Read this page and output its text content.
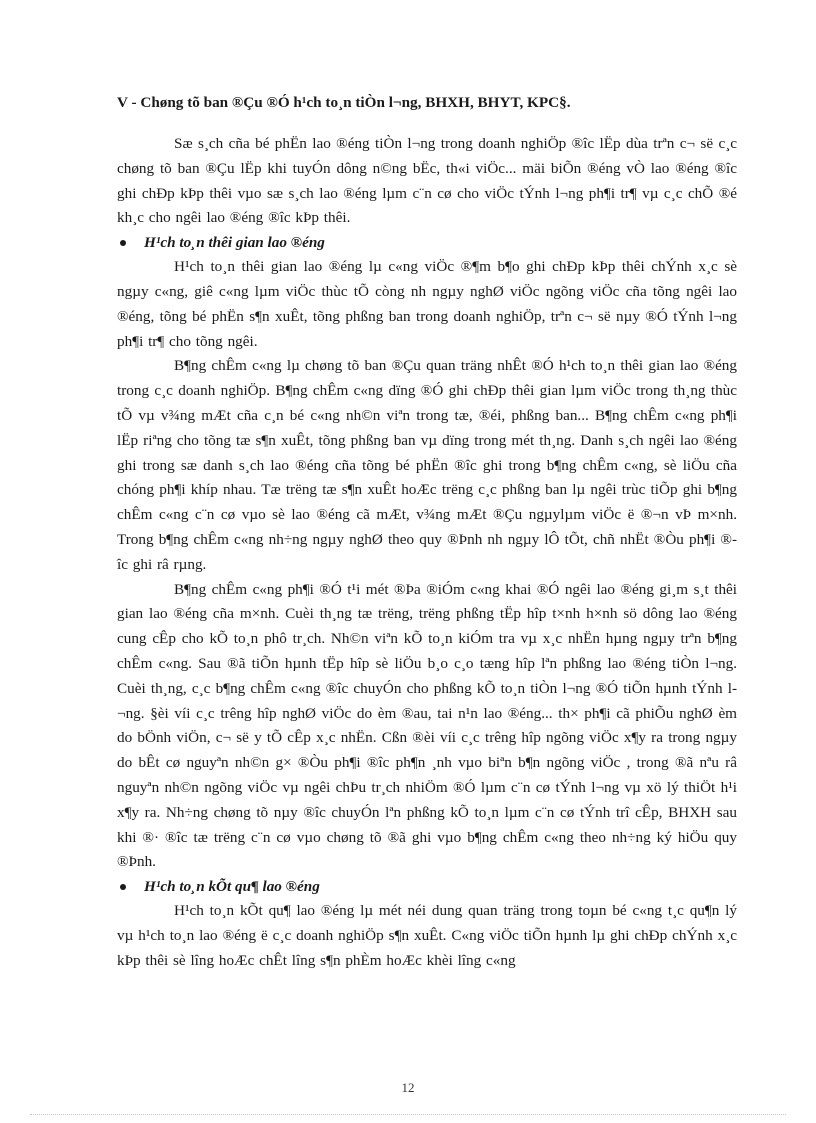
V - Chøng tõ ban ®Çu ®Ó h¹ch to¸n tiÒn l¬ng, BHXH, BHYT, KPC§.

Sæ s¸ch cña bé phËn lao ®éng tiÒn l¬ng trong doanh nghiÖp ®îc lËp dùa trªn c¬ së c¸c chøng tõ ban ®Çu lËp khi tuyÓn dông n©ng bËc, th«i viÖc... mäi biÕn ®éng vÒ lao ®éng ®îc ghi chÐp kÞp thêi vµo sæ s¸ch lao ®éng lµm c¨n cø cho viÖc tÝnh l¬ng ph¶i tr¶ vµ c¸c chÕ ®é kh¸c cho ngêi lao ®éng ®îc kÞp thêi.

H¹ch to¸n thêi gian lao ®éng

H¹ch to¸n thêi gian lao ®éng lµ c«ng viÖc ®¶m b¶o ghi chÐp kÞp thêi chÝnh x¸c sè ngµy c«ng, giê c«ng lµm viÖc thùc tÕ còng nh ngµy nghØ viÖc ngõng viÖc cña tõng ngêi lao ®éng, tõng bé phËn s¶n xuÊt, tõng phßng ban trong doanh nghiÖp, trªn c¬ së nµy ®Ó tÝnh l¬ng ph¶i tr¶ cho tõng ngêi.

B¶ng chÊm c«ng lµ chøng tõ ban ®Çu quan träng nhÊt ®Ó h¹ch to¸n thêi gian lao ®éng trong c¸c doanh nghiÖp. B¶ng chÊm c«ng dïng ®Ó ghi chÐp thêi gian lµm viÖc trong th¸ng thùc tÕ vµ v¾ng mÆt cña c¸n bé c«ng nh©n viªn trong tæ, ®éi, phßng ban... B¶ng chÊm c«ng ph¶i lËp riªng cho tõng tæ s¶n xuÊt, tõng phßng ban vµ dïng trong mét th¸ng. Danh s¸ch ngêi lao ®éng ghi trong sæ danh s¸ch lao ®éng cña tõng bé phËn ®îc ghi trong b¶ng chÊm c«ng, sè liÖu cña chóng ph¶i khíp nhau. Tæ trëng tæ s¶n xuÊt hoÆc trëng c¸c phßng ban lµ ngêi trùc tiÕp ghi b¶ng chÊm c«ng c¨n cø vµo sè lao ®éng cã mÆt, v¾ng mÆt ®Çu ngµylµm viÖc ë ®¬n vÞ m×nh. Trong b¶ng chÊm c«ng nh÷ng ngµy nghØ theo quy ®Þnh nh ngµy lÔ tÕt, chñ nhËt ®Òu ph¶i ®îc ghi râ rµng.

B¶ng chÊm c«ng ph¶i ®Ó t¹i mét ®Þa ®iÓm c«ng khai ®Ó ngêi lao ®éng gi¸m s¸t thêi gian lao ®éng cña m×nh. Cuèi th¸ng tæ trëng, trëng phßng tËp hîp t×nh h×nh sö dông lao ®éng cung cÊp cho kÕ to¸n phô tr¸ch. Nh©n viªn kÕ to¸n kiÓm tra vµ x¸c nhËn hµng ngµy trªn b¶ng chÊm c«ng. Sau ®ã tiÕn hµnh tËp hîp sè liÖu b¸o c¸o tæng hîp lªn phßng lao ®éng tiÒn l¬ng. Cuèi th¸ng, c¸c b¶ng chÊm c«ng ®îc chuyÓn cho phßng kÕ to¸n tiÒn l¬ng ®Ó tiÕn hµnh tÝnh l¬ng. §èi víi c¸c trêng hîp nghØ viÖc do èm ®au, tai n¹n lao ®éng... th× ph¶i cã phiÕu nghØ èm do bÖnh viÖn, c¬ së y tÕ cÊp x¸c nhËn. Cßn ®èi víi c¸c trêng hîp ngõng viÖc x¶y ra trong ngµy do bÊt cø nguyªn nh©n g× ®Òu ph¶i ®îc ph¶n ¸nh vµo biªn b¶n ngõng viÖc , trong ®ã nªu râ nguyªn nh©n ngõng viÖc vµ ngêi chÞu tr¸ch nhiÖm ®Ó lµm c¨n cø tÝnh l¬ng vµ xö lý thiÖt h¹i x¶y ra. Nh÷ng chøng tõ nµy ®îc chuyÓn lªn phßng kÕ to¸n lµm c¨n cø tÝnh trî cÊp, BHXH sau khi ®· ®îc tæ trëng c¨n cø vµo chøng tõ ®ã ghi vµo b¶ng chÊm c«ng theo nh÷ng ký hiÖu quy ®Þnh.

H¹ch to¸n kÕt qu¶ lao ®éng

H¹ch to¸n kÕt qu¶ lao ®éng lµ mét néi dung quan träng trong toµn bé c«ng t¸c qu¶n lý vµ h¹ch to¸n lao ®éng ë c¸c doanh nghiÖp s¶n xuÊt. C«ng viÖc tiÕn hµnh lµ ghi chÐp chÝnh x¸c kÞp thêi sè lîng hoÆc chÊt lîng s¶n phÈm hoÆc khèi lîng c«ng

12
